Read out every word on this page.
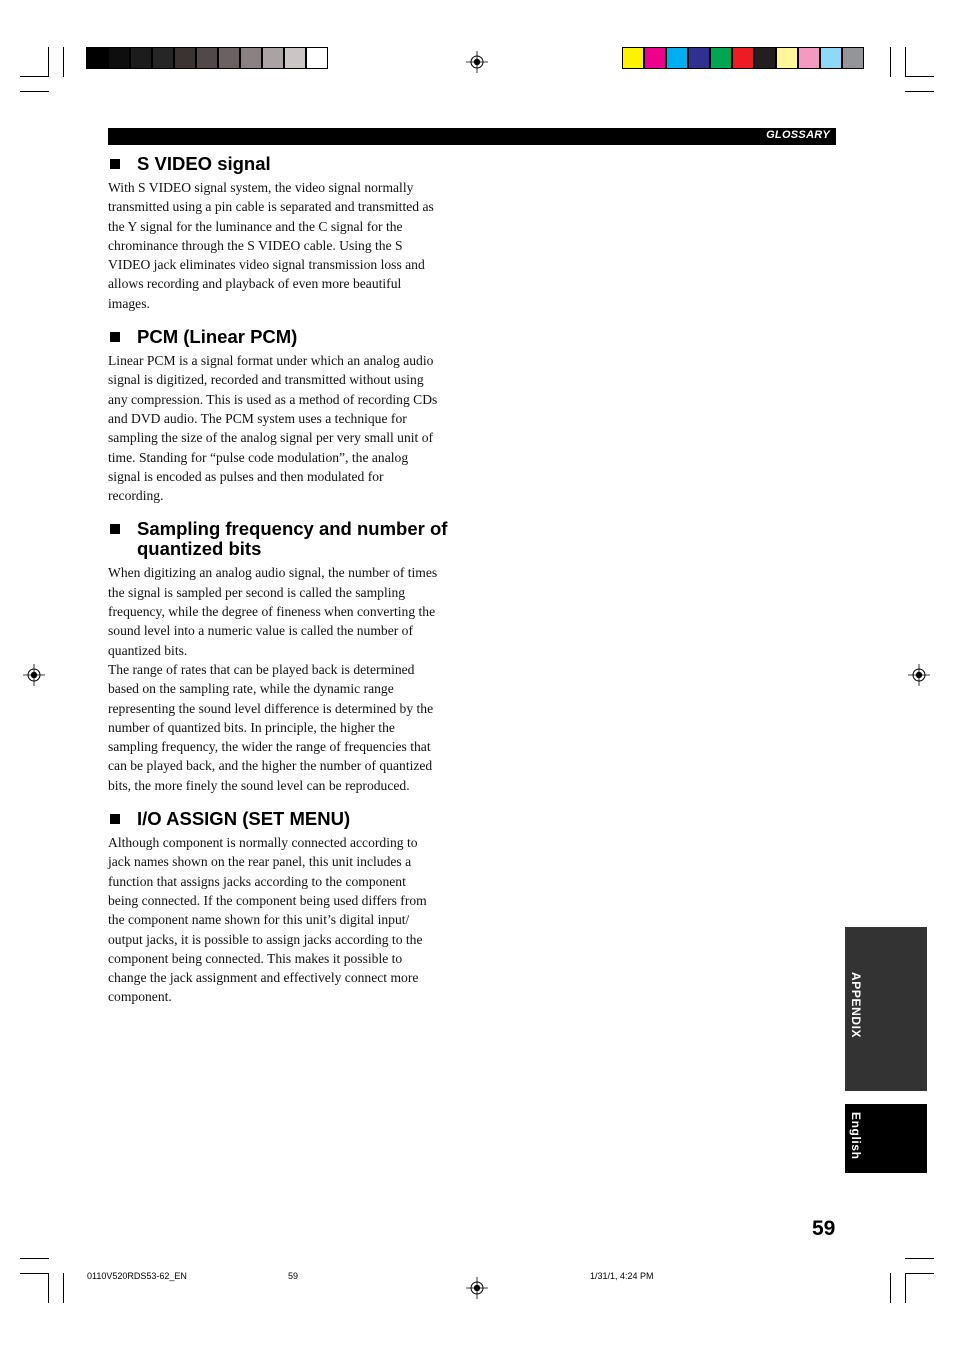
GLOSSARY
S VIDEO signal

With S VIDEO signal system, the video signal normally
transmitted using a pin cable is separated and transmitted as
the Y signal for the luminance and the C signal for the
chrominance through the S VIDEO cable. Using the S
VIDEO jack eliminates video signal transmission loss and
allows recording and playback of even more beautiful
images.

PCM (Linear PCM)

Linear PCM is a signal format under which an analog audio
signal is digitized, recorded and transmitted without using
any compression. This is used as a method of recording CDs
and DVD audio. The PCM system uses a technique for
sampling the size of the analog signal per very small unit of
time. Standing for “pulse code modulation”, the analog
signal is encoded as pulses and then modulated for
recording.

Sampling frequency and number of quantized bits

When digitizing an analog audio signal, the number of times
the signal is sampled per second is called the sampling
frequency, while the degree of fineness when converting the
sound level into a numeric value is called the number of
quantized bits.
The range of rates that can be played back is determined
based on the sampling rate, while the dynamic range
representing the sound level difference is determined by the
number of quantized bits. In principle, the higher the
sampling frequency, the wider the range of frequencies that
can be played back, and the higher the number of quantized
bits, the more finely the sound level can be reproduced.

I/O ASSIGN (SET MENU)

Although component is normally connected according to
jack names shown on the rear panel, this unit includes a
function that assigns jacks according to the component
being connected. If the component being used differs from
the component name shown for this unit’s digital input/
output jacks, it is possible to assign jacks according to the
component being connected. This makes it possible to
change the jack assignment and effectively connect more
component.	APPENDIX
English
59
0110V520RDS53-62_EN	59	1/31/1, 4:24 PM
